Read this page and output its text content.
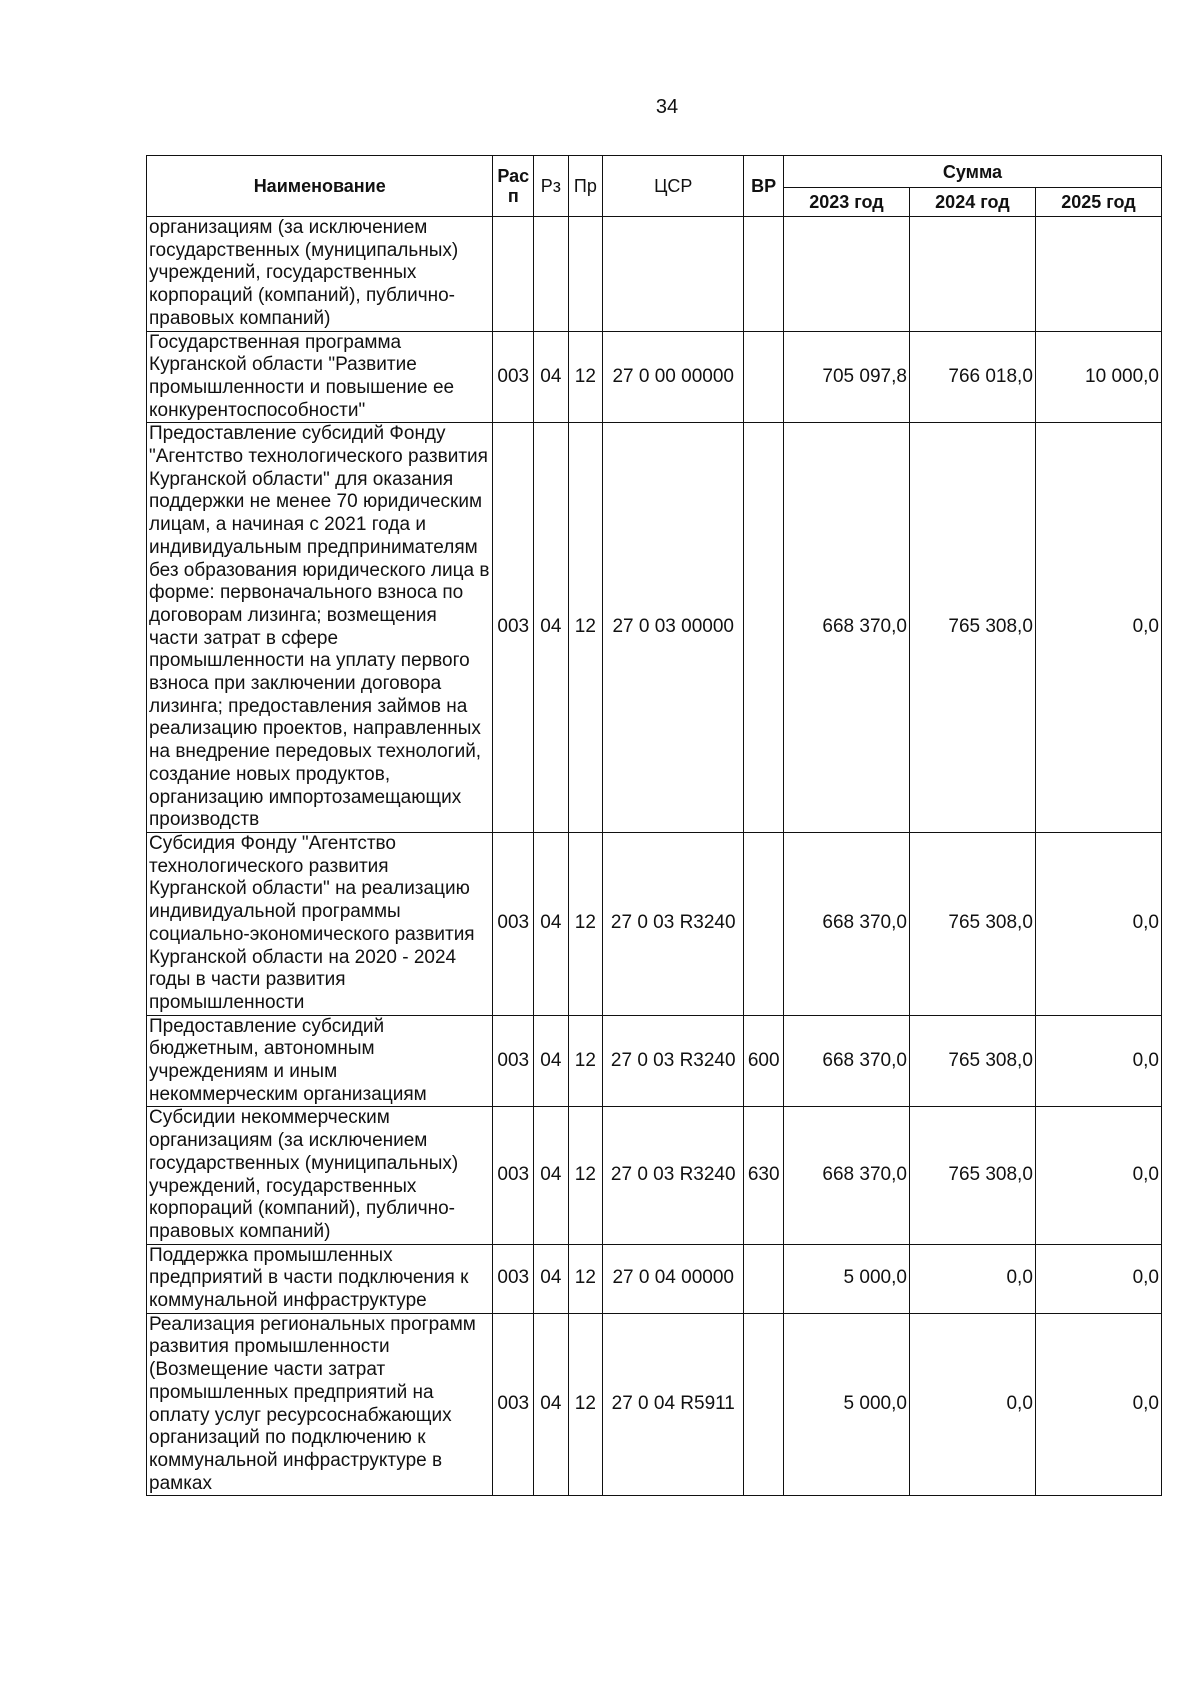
34
Наименование	Рас п	Рз	Пр	ЦСР	ВР	Сумма		
						2023 год	2024 год	2025 год
организациям (за исключением государственных (муниципальных) учреждений, государственных корпораций (компаний), публично-правовых компаний)								
Государственная программа Курганской области "Развитие промышленности и повышение ее конкурентоспособности"	003	04	12	27 0 00 00000		705 097,8	766 018,0	10 000,0
Предоставление субсидий Фонду "Агентство технологического развития Курганской области" для оказания поддержки не менее 70 юридическим лицам, а начиная с 2021 года и индивидуальным предпринимателям без образования юридического лица в форме: первоначального взноса по договорам лизинга; возмещения части затрат в сфере промышленности на уплату первого взноса при заключении договора лизинга; предоставления займов на реализацию проектов, направленных на внедрение передовых технологий, создание новых продуктов, организацию импортозамещающих производств	003	04	12	27 0 03 00000		668 370,0	765 308,0	0,0
Субсидия Фонду "Агентство технологического развития Курганской области" на реализацию индивидуальной программы социально-экономического развития Курганской области на 2020 - 2024 годы в части развития промышленности	003	04	12	27 0 03 R3240		668 370,0	765 308,0	0,0
Предоставление субсидий бюджетным, автономным учреждениям и иным некоммерческим организациям	003	04	12	27 0 03 R3240	600	668 370,0	765 308,0	0,0
Субсидии некоммерческим организациям (за исключением государственных (муниципальных) учреждений, государственных корпораций (компаний), публично-правовых компаний)	003	04	12	27 0 03 R3240	630	668 370,0	765 308,0	0,0
Поддержка промышленных предприятий в части подключения к коммунальной инфраструктуре	003	04	12	27 0 04 00000		5 000,0	0,0	0,0
Реализация региональных программ развития промышленности (Возмещение части затрат промышленных предприятий на оплату услуг ресурсоснабжающих организаций по подключению к коммунальной инфраструктуре в рамках	003	04	12	27 0 04 R5911		5 000,0	0,0	0,0
